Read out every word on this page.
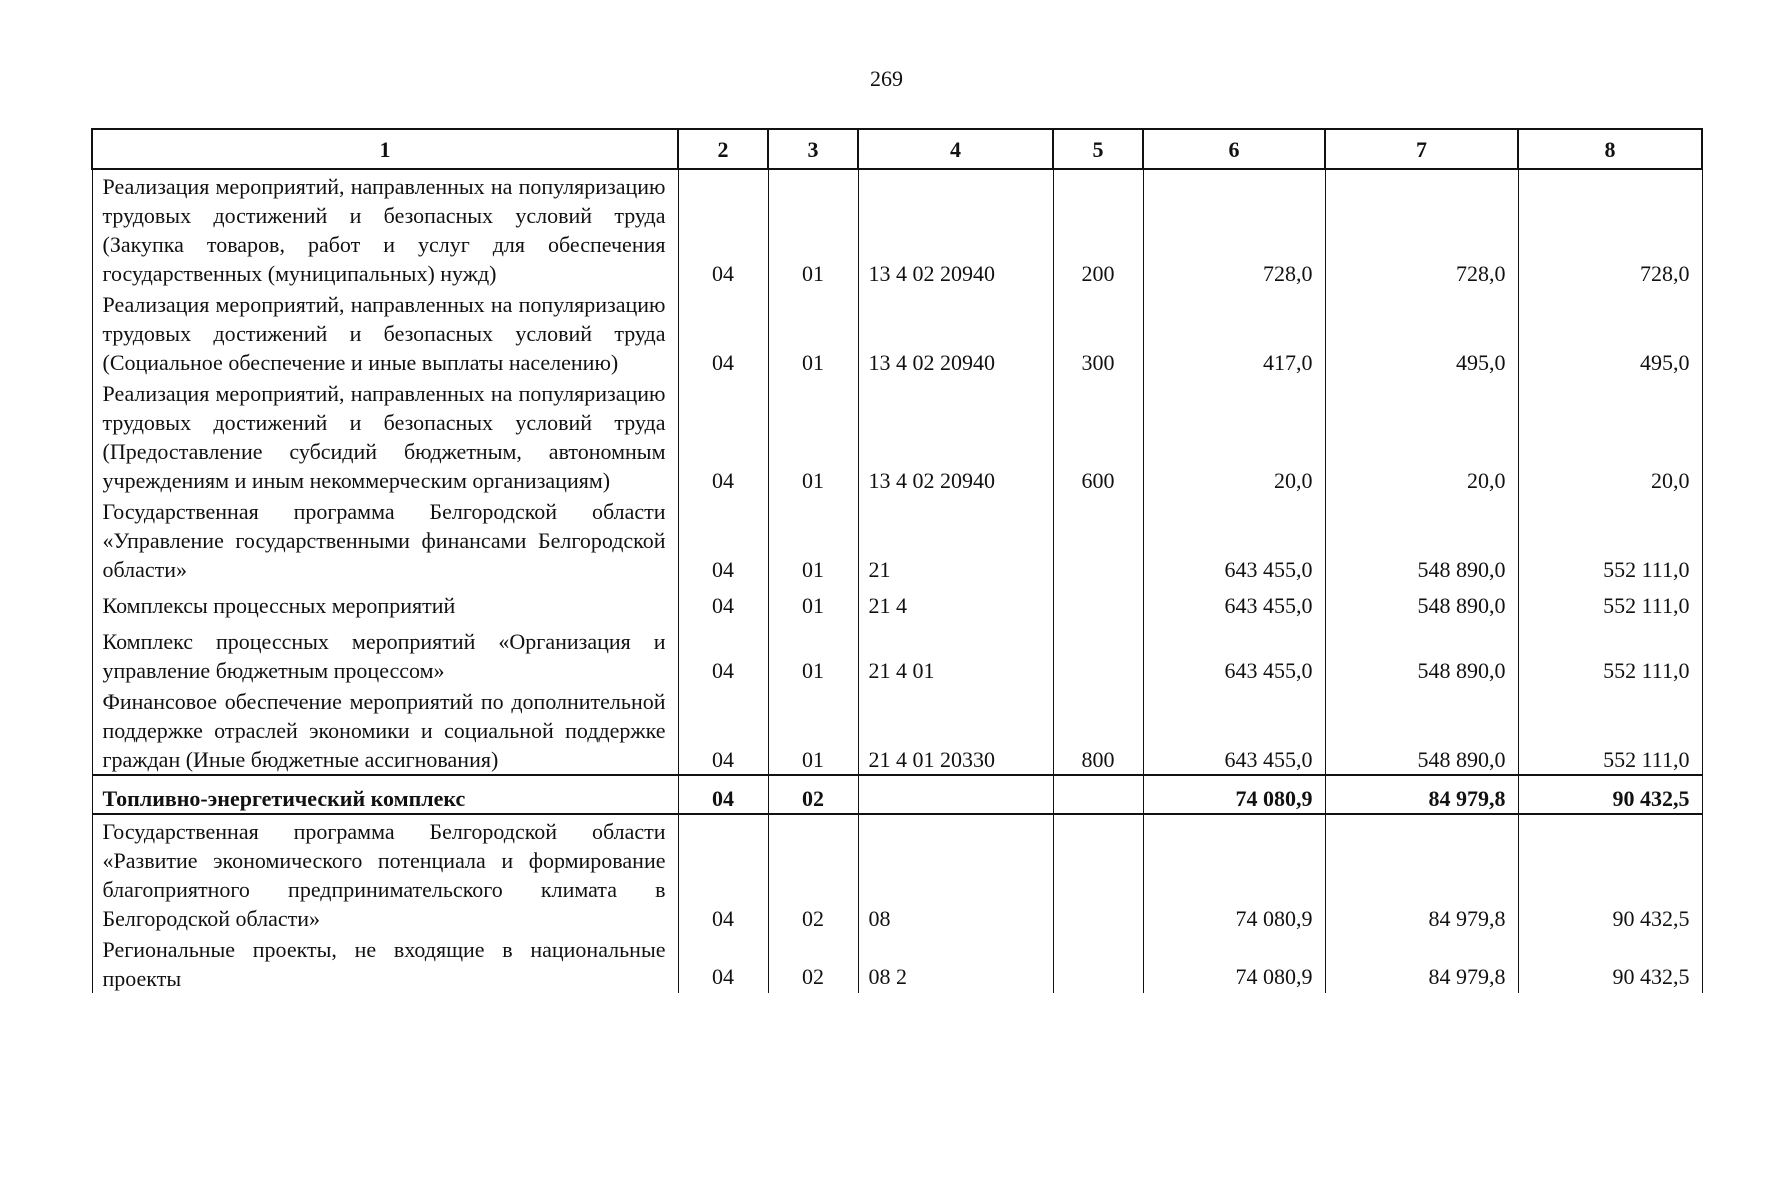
269
1	2	3	4	5	6	7	8
Реализация мероприятий, направленных на популяризацию трудовых достижений и безопасных условий труда (Закупка товаров, работ и услуг для обеспечения государственных (муниципальных) нужд)	04	01	13 4 02 20940	200	728,0	728,0	728,0
Реализация мероприятий, направленных на популяризацию трудовых достижений и безопасных условий труда (Социальное обеспечение и иные выплаты населению)	04	01	13 4 02 20940	300	417,0	495,0	495,0
Реализация мероприятий, направленных на популяризацию трудовых достижений и безопасных условий труда (Предоставление субсидий бюджетным, автономным учреждениям и иным некоммерческим организациям)	04	01	13 4 02 20940	600	20,0	20,0	20,0
Государственная программа Белгородской области «Управление государственными финансами Белгородской области»	04	01	21		643 455,0	548 890,0	552 111,0
Комплексы процессных мероприятий	04	01	21 4		643 455,0	548 890,0	552 111,0
Комплекс процессных мероприятий «Организация и управление бюджетным процессом»	04	01	21 4 01		643 455,0	548 890,0	552 111,0
Финансовое обеспечение мероприятий по дополнительной поддержке отраслей экономики и социальной поддержке граждан (Иные бюджетные ассигнования)	04	01	21 4 01 20330	800	643 455,0	548 890,0	552 111,0
Топливно-энергетический комплекс	04	02			74 080,9	84 979,8	90 432,5
Государственная программа Белгородской области «Развитие экономического потенциала и формирование благоприятного предпринимательского климата в Белгородской области»	04	02	08		74 080,9	84 979,8	90 432,5
Региональные проекты, не входящие в национальные проекты	04	02	08 2		74 080,9	84 979,8	90 432,5
